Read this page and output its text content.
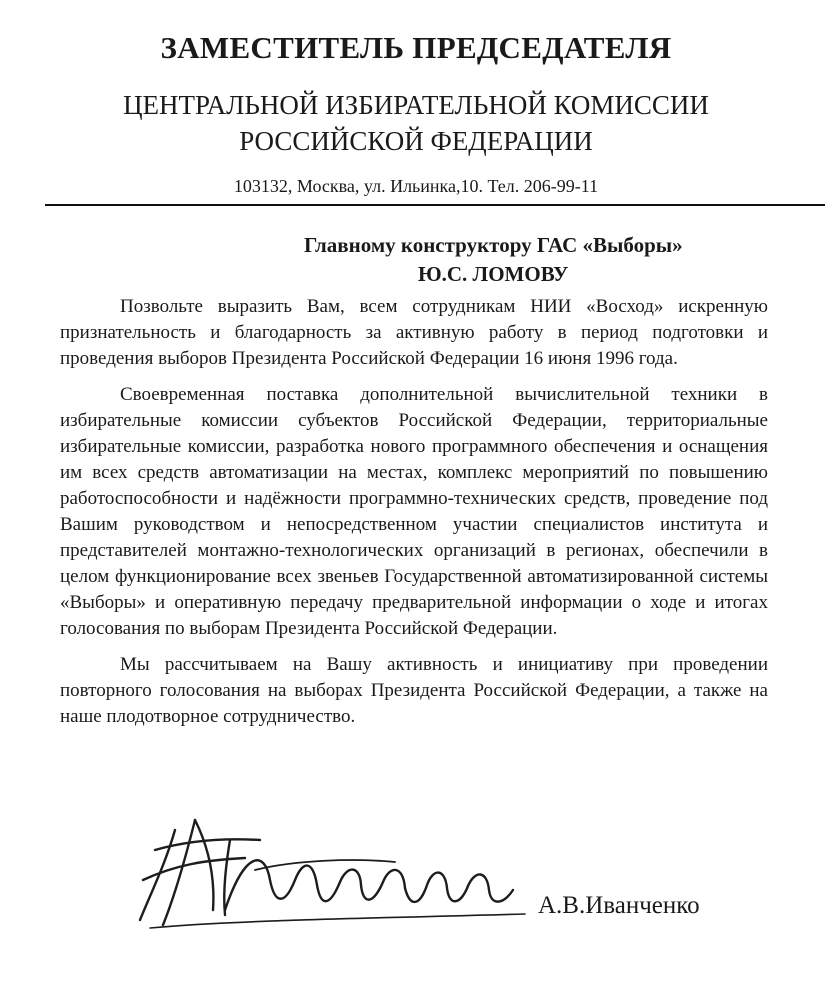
ЗАМЕСТИТЕЛЬ ПРЕДСЕДАТЕЛЯ
ЦЕНТРАЛЬНОЙ ИЗБИРАТЕЛЬНОЙ КОМИССИИ
РОССИЙСКОЙ ФЕДЕРАЦИИ
103132, Москва, ул. Ильинка,10. Тел. 206-99-11
Главному конструктору ГАС «Выборы»
Ю.С. ЛОМОВУ

Позвольте выразить Вам, всем сотрудникам НИИ «Восход» искренную признательность и благодарность за активную работу в период подготовки и проведения выборов Президента Российской Федерации 16 июня 1996 года.

Своевременная поставка дополнительной вычислительной техники в избирательные комиссии субъектов Российской Федерации, территориальные избирательные комиссии, разработка нового программного обеспечения и оснащения им всех средств автоматизации на местах, комплекс мероприятий по повышению работоспособности и надёжности программно-технических средств, проведение под Вашим руководством и непосредственном участии специалистов института и представителей монтажно-технологических организаций в регионах, обеспечили в целом функционирование всех звеньев Государственной автоматизированной системы «Выборы» и оперативную передачу предварительной информации о ходе и итогах голосования по выборам Президента Российской Федерации.

Мы рассчитываем на Вашу активность и инициативу при проведении повторного голосования на выборах Президента Российской Федерации, а также на наше плодотворное сотрудничество.

А.В.Иванченко
